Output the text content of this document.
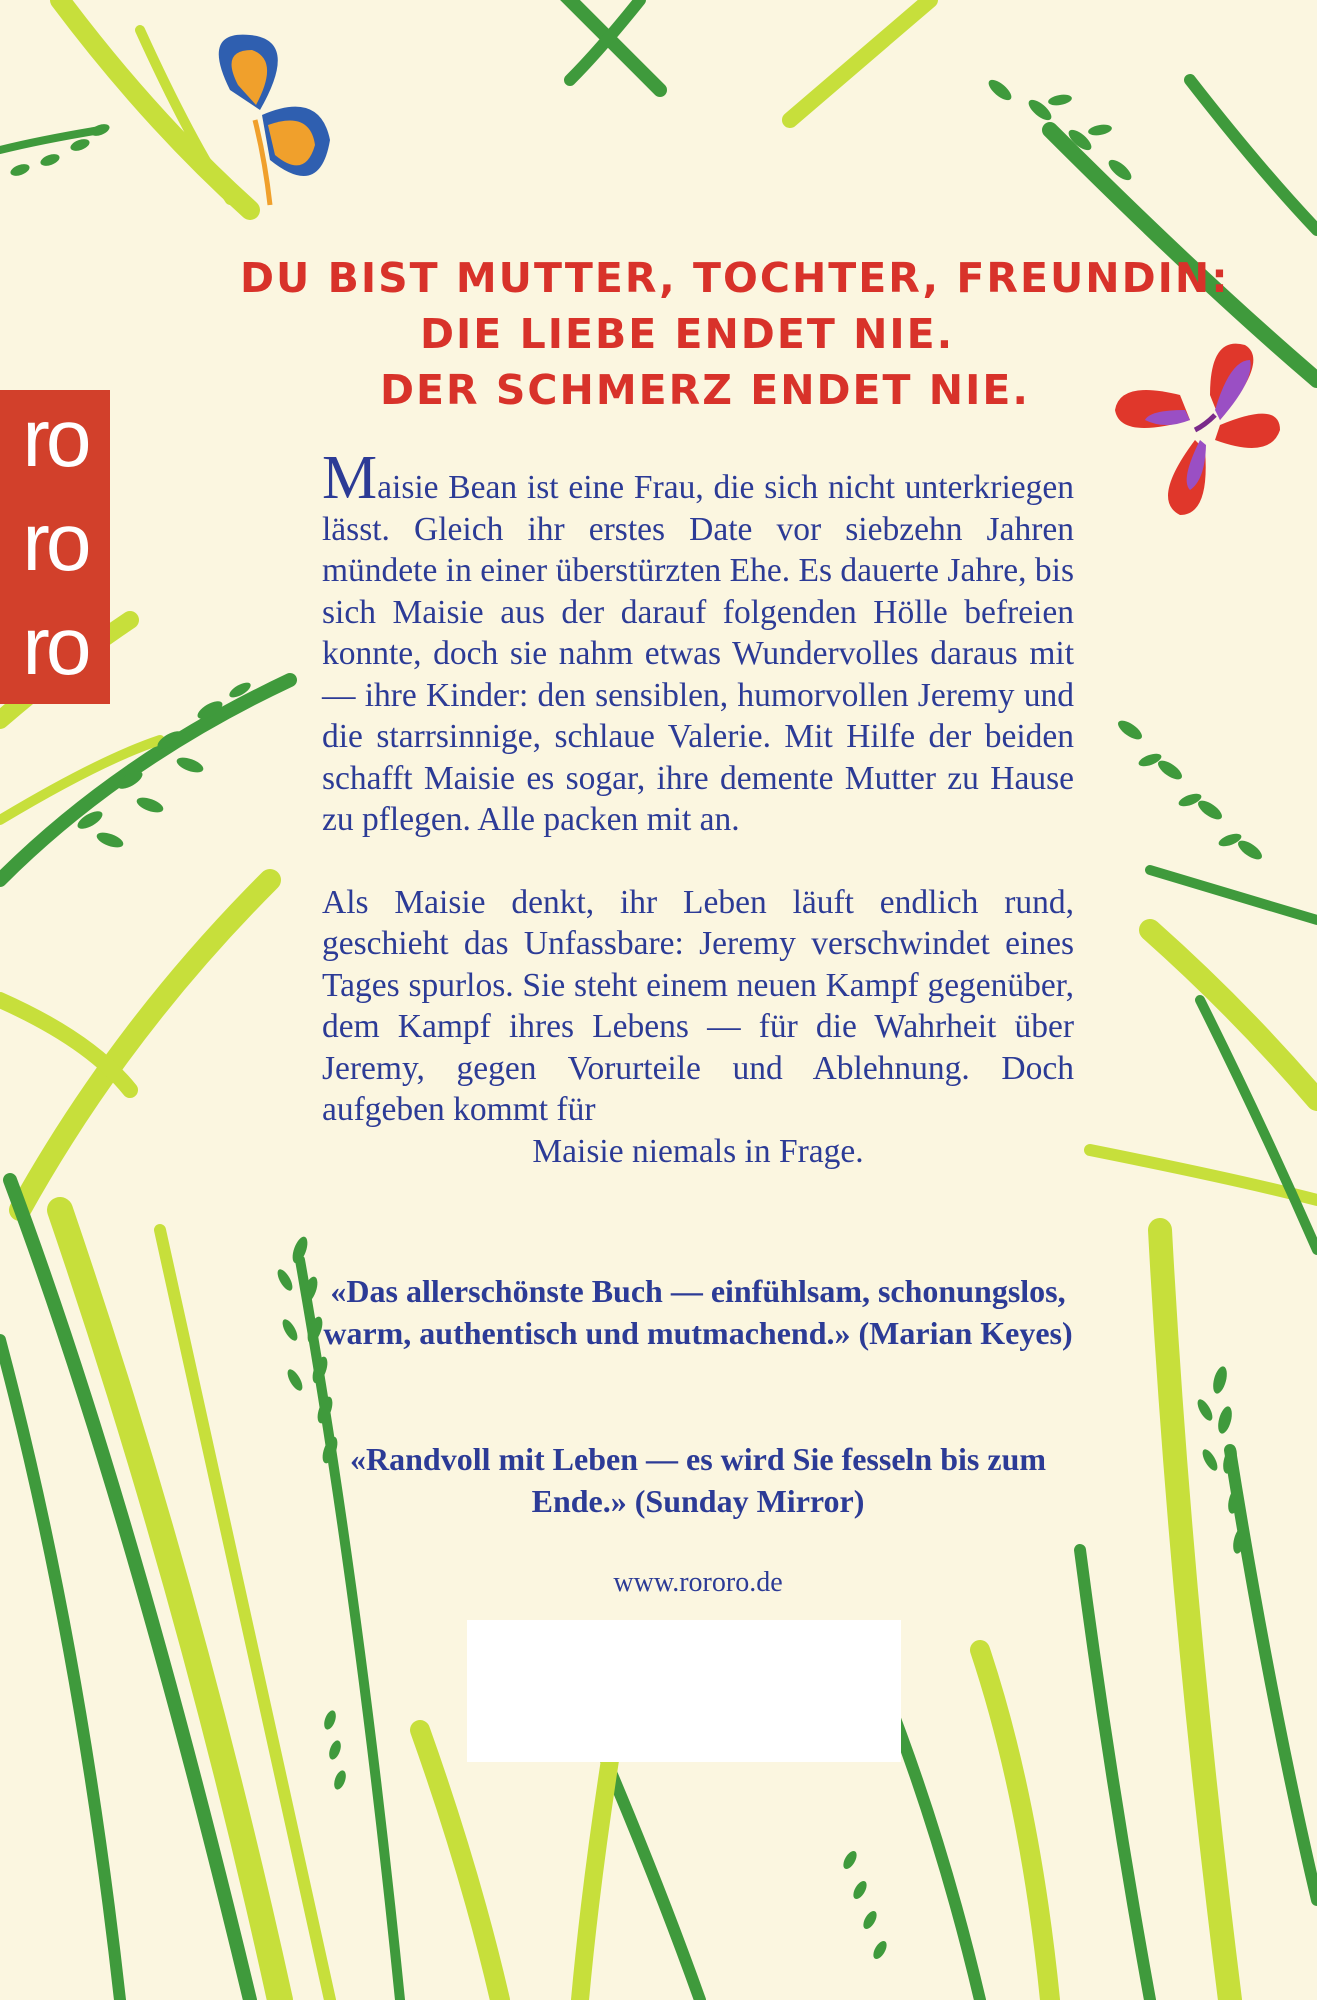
ro
ro
ro
DU BIST MUTTER, TOCHTER, FREUNDIN:
DIE LIEBE ENDET NIE.
DER SCHMERZ ENDET NIE.

Maisie Bean ist eine Frau, die sich nicht unterkriegen lässt. Gleich ihr erstes Date vor siebzehn Jahren mündete in einer überstürzten Ehe. Es dauerte Jahre, bis sich Maisie aus der darauf folgenden Hölle befreien konnte, doch sie nahm etwas Wundervolles daraus mit — ihre Kinder: den sensiblen, humorvollen Jeremy und die starrsinnige, schlaue Valerie. Mit Hilfe der beiden schafft Maisie es sogar, ihre demente Mutter zu Hause zu pflegen. Alle packen mit an.

Als Maisie denkt, ihr Leben läuft endlich rund, geschieht das Unfassbare: Jeremy verschwindet eines Tages spurlos. Sie steht einem neuen Kampf gegenüber, dem Kampf ihres Lebens — für die Wahrheit über Jeremy, gegen Vorurteile und Ablehnung. Doch aufgeben kommt für

Maisie niemals in Frage.
«Das allerschönste Buch — einfühlsam, schonungslos, warm, authentisch und mutmachend.» (Marian Keyes)
«Randvoll mit Leben — es wird Sie fesseln bis zum Ende.» (Sunday Mirror)
www.rororo.de
